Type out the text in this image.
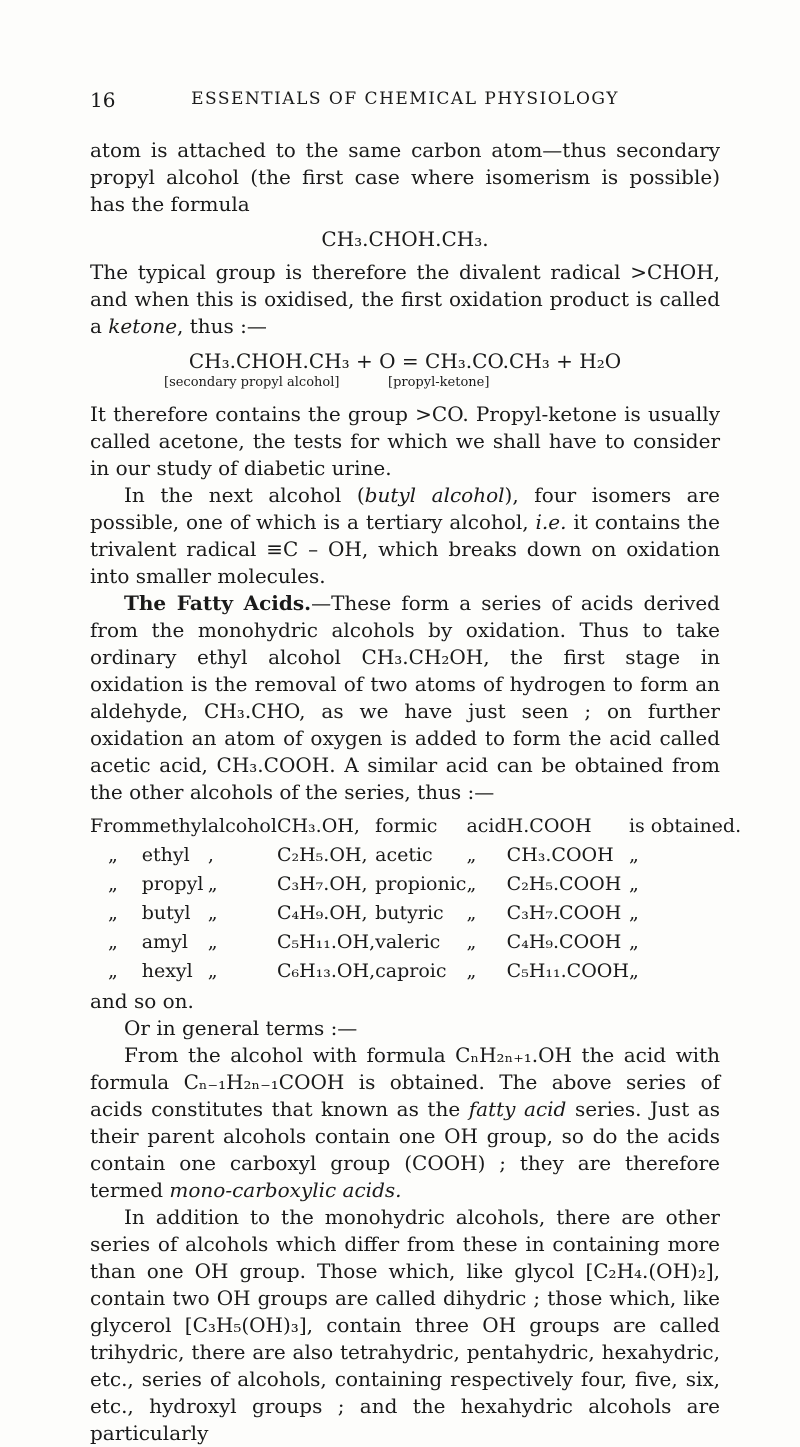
16	ESSENTIALS OF CHEMICAL PHYSIOLOGY

atom is attached to the same carbon atom—thus secondary propyl alcohol (the first case where isomerism is possible) has the formula

CH₃.CHOH.CH₃.

The typical group is therefore the divalent radical >CHOH, and when this is oxidised, the first oxidation product is called a ketone, thus :—

CH₃.CHOH.CH₃ + O = CH₃.CO.CH₃ + H₂O
[secondary propyl alcohol]	[propyl-ketone]

It therefore contains the group >CO. Propyl-ketone is usually called acetone, the tests for which we shall have to consider in our study of diabetic urine.

In the next alcohol (butyl alcohol), four isomers are possible, one of which is a tertiary alcohol, i.e. it contains the trivalent radical ≡C – OH, which breaks down on oxidation into smaller molecules.

The Fatty Acids.—These form a series of acids derived from the monohydric alcohols by oxidation. Thus to take ordinary ethyl alcohol CH₃.CH₂OH, the first stage in oxidation is the removal of two atoms of hydrogen to form an aldehyde, CH₃.CHO, as we have just seen ; on further oxidation an atom of oxygen is added to form the acid called acetic acid, CH₃.COOH. A similar acid can be obtained from the other alcohols of the series, thus :—

From	methyl	alcohol	CH₃.OH,	formic	acid	H.COOH	is obtained.
„	ethyl	‚	C₂H₅.OH,	acetic	„	CH₃.COOH	„
„	propyl	„	C₃H₇.OH,	propionic	„	C₂H₅.COOH	„
„	butyl	„	C₄H₉.OH,	butyric	„	C₃H₇.COOH	„
„	amyl	„	C₅H₁₁.OH,	valeric	„	C₄H₉.COOH	„
„	hexyl	„	C₆H₁₃.OH,	caproic	„	C₅H₁₁.COOH	„

and so on.

Or in general terms :—

From the alcohol with formula CₙH₂ₙ₊₁.OH the acid with formula Cₙ₋₁H₂ₙ₋₁COOH is obtained. The above series of acids constitutes that known as the fatty acid series. Just as their parent alcohols contain one OH group, so do the acids contain one carboxyl group (COOH) ; they are therefore termed mono-carboxylic acids.

In addition to the monohydric alcohols, there are other series of alcohols which differ from these in containing more than one OH group. Those which, like glycol [C₂H₄.(OH)₂], contain two OH groups are called dihydric ; those which, like glycerol [C₃H₅(OH)₃], contain three OH groups are called trihydric, there are also tetrahydric, pentahydric, hexahydric, etc., series of alcohols, containing respectively four, five, six, etc., hydroxyl groups ; and the hexahydric alcohols are particularly
